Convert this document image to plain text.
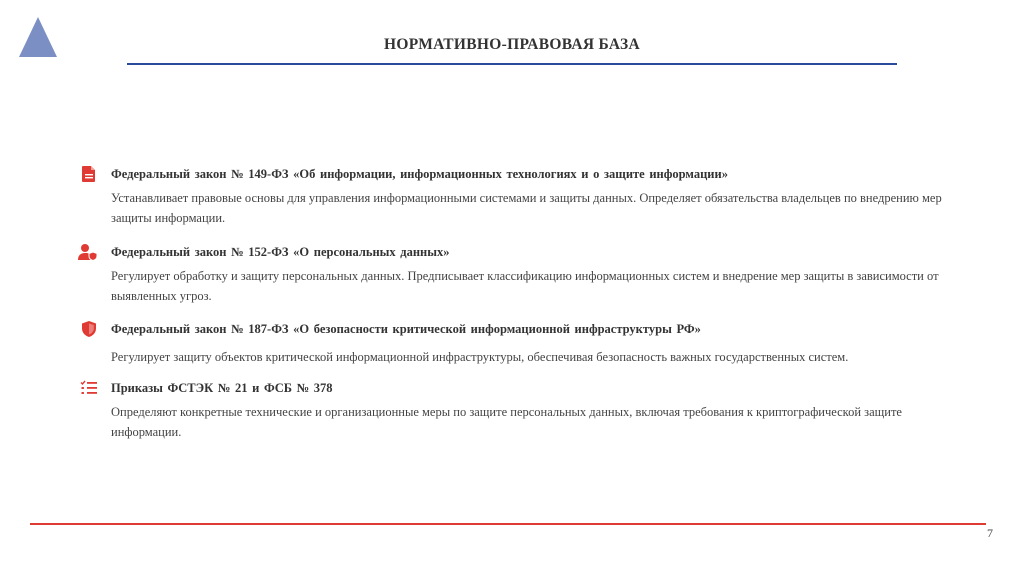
НОРМАТИВНО-ПРАВОВАЯ БАЗА
Федеральный закон № 149-ФЗ «Об информации, информационных технологиях и о защите информации»

Устанавливает правовые основы для управления информационными системами и защиты данных. Определяет обязательства владельцев по внедрению мер защиты информации.

Федеральный закон № 152-ФЗ «О персональных данных»

Регулирует обработку и защиту персональных данных. Предписывает классификацию информационных систем и внедрение мер защиты в зависимости от выявленных угроз.

Федеральный закон № 187-ФЗ «О безопасности критической информационной инфраструктуры РФ»

Регулирует защиту объектов критической информационной инфраструктуры, обеспечивая безопасность важных государственных систем.

Приказы ФСТЭК № 21 и ФСБ № 378

Определяют конкретные технические и организационные меры по защите персональных данных, включая требования к криптографической защите информации.

7
